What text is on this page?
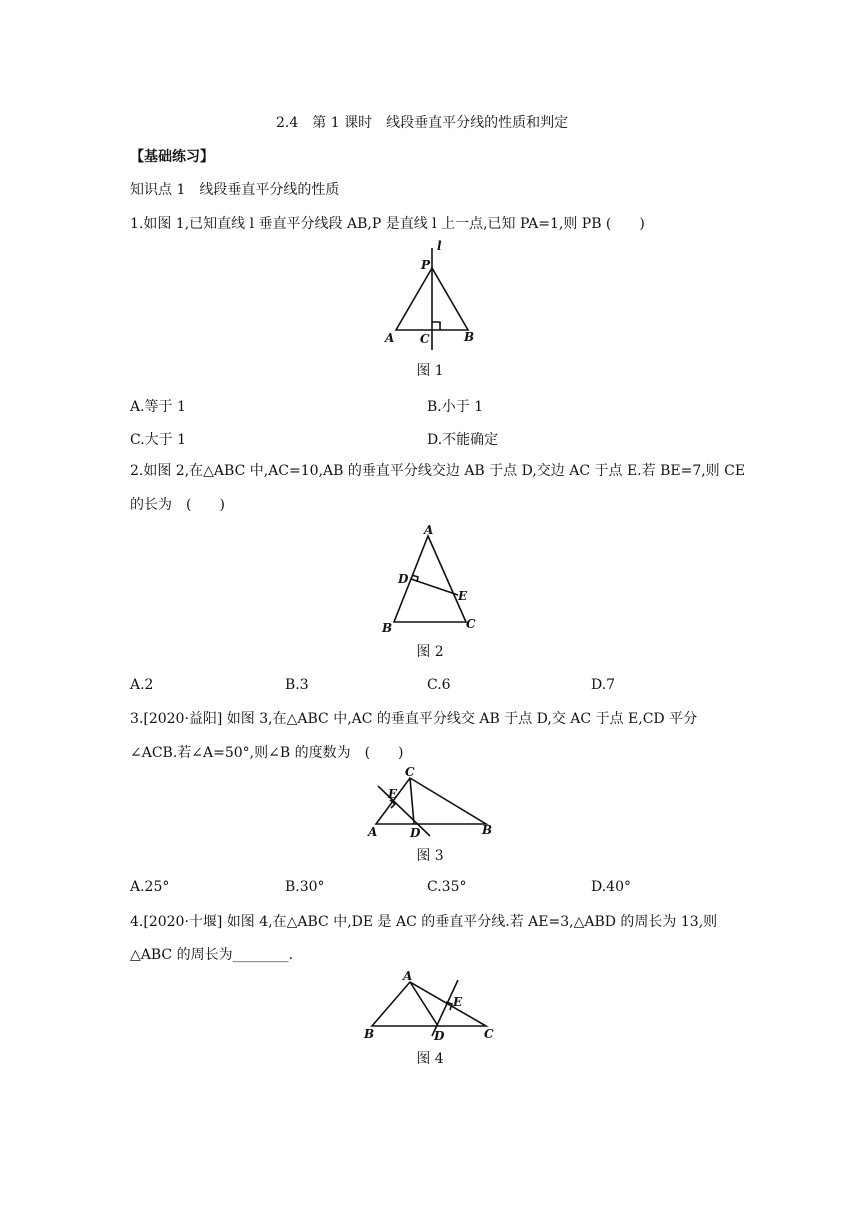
2.4　第 1 课时　线段垂直平分线的性质和判定
【基础练习】
知识点 1　线段垂直平分线的性质
1.如图 1,已知直线 l 垂直平分线段 AB,P 是直线 l 上一点,已知 PA=1,则 PB (　　)
l
P
A C	B
图 1
A.等于 1	B.小于 1
C.大于 1	D.不能确定
2.如图 2,在△ABC 中,AC=10,AB 的垂直平分线交边 AB 于点 D,交边 AC 于点 E.若 BE=7,则 CE
的长为　(　　)
A
D
E
B	C
图 2
A.2	B.3	C.6	D.7
3.[2020·益阳] 如图 3,在△ABC 中,AC 的垂直平分线交 AB 于点 D,交 AC 于点 E,CD 平分
∠ACB.若∠A=50°,则∠B 的度数为　(　　)
C
E
A	D	B
图 3
A.25°	B.30°	C.35°	D.40°
4.[2020·十堰] 如图 4,在△ABC 中,DE 是 AC 的垂直平分线.若 AE=3,△ABD 的周长为 13,则
△ABC 的周长为________.
A
E
B	D	C
图 4
